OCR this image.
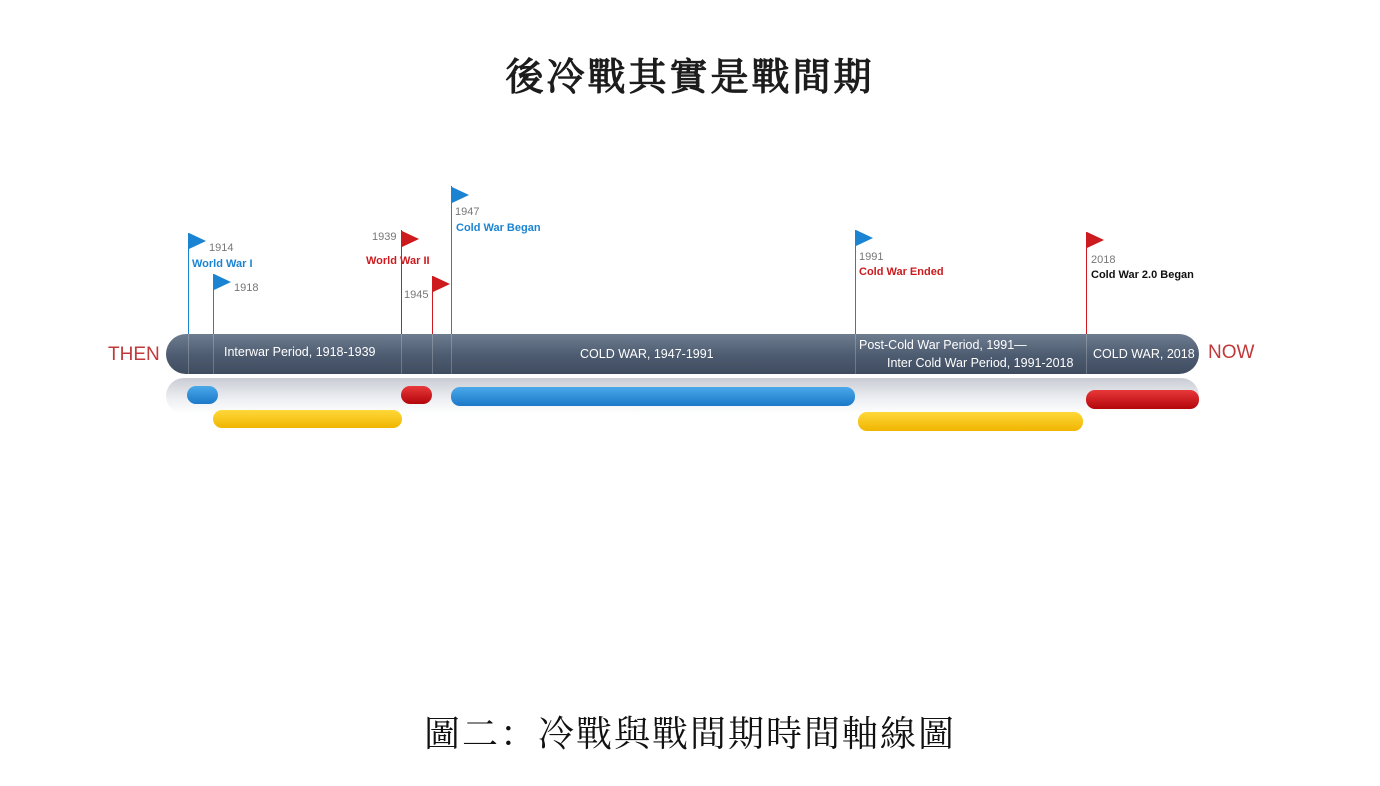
後冷戰其實是戰間期
THEN	NOW
Interwar Period, 1918-1939	COLD WAR, 1947-1991
Post-Cold War Period, 1991—
Inter Cold War Period, 1991-2018
COLD WAR, 2018
1914
World War I
1918
1939
World War II
1945
1947
Cold War Began
1991
Cold War Ended
2018
Cold War 2.0 Began
圖二：冷戰與戰間期時間軸線圖
